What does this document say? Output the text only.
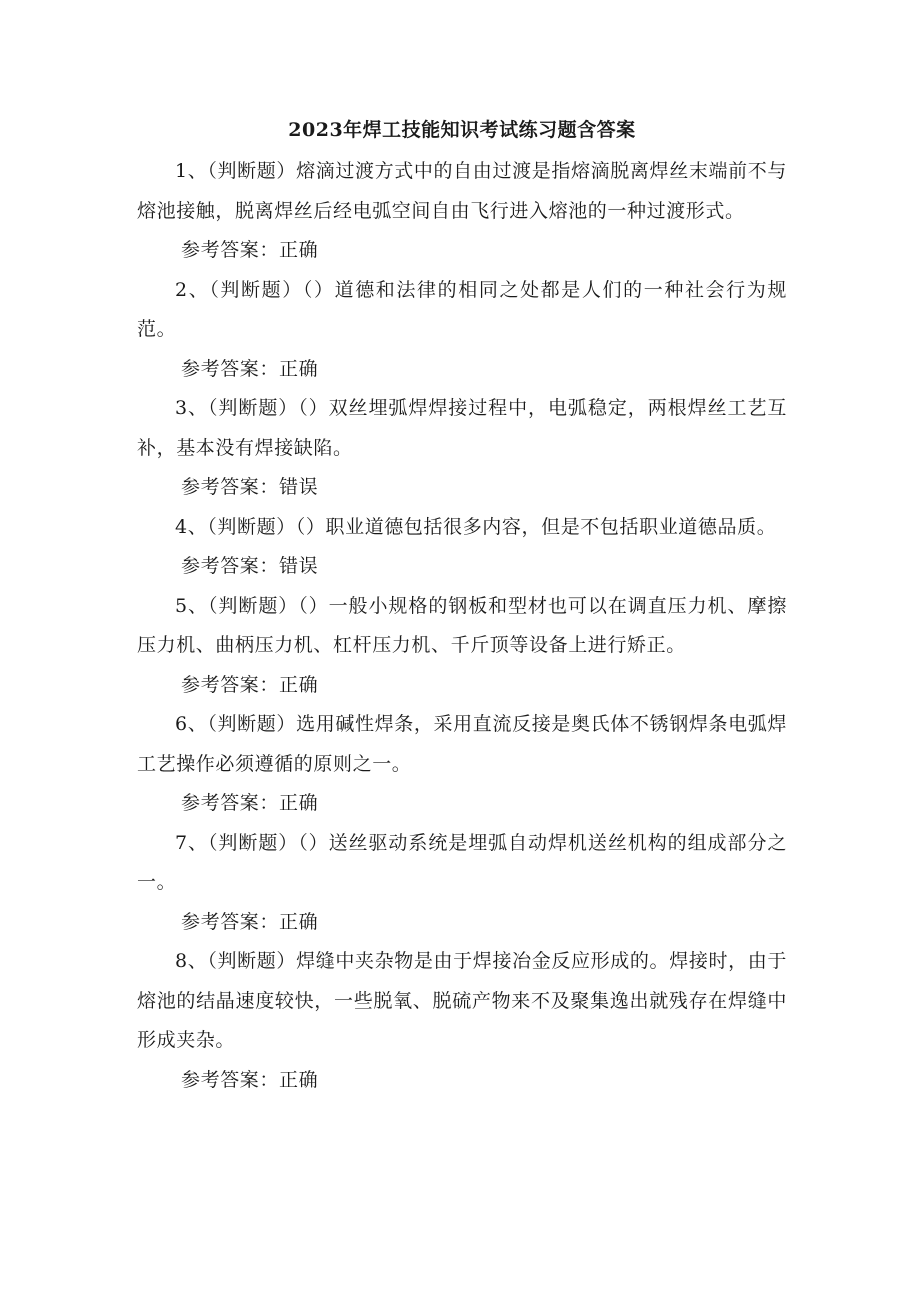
2023年焊工技能知识考试练习题含答案

1、（判断题）熔滴过渡方式中的自由过渡是指熔滴脱离焊丝末端前不与熔池接触，脱离焊丝后经电弧空间自由飞行进入熔池的一种过渡形式。

参考答案：正确

2、（判断题）（）道德和法律的相同之处都是人们的一种社会行为规范。

参考答案：正确

3、（判断题）（）双丝埋弧焊焊接过程中，电弧稳定，两根焊丝工艺互补，基本没有焊接缺陷。

参考答案：错误

4、（判断题）（）职业道德包括很多内容，但是不包括职业道德品质。

参考答案：错误

5、（判断题）（）一般小规格的钢板和型材也可以在调直压力机、摩擦压力机、曲柄压力机、杠杆压力机、千斤顶等设备上进行矫正。

参考答案：正确

6、（判断题）选用碱性焊条，采用直流反接是奥氏体不锈钢焊条电弧焊工艺操作必须遵循的原则之一。

参考答案：正确

7、（判断题）（）送丝驱动系统是埋弧自动焊机送丝机构的组成部分之一。

参考答案：正确

8、（判断题）焊缝中夹杂物是由于焊接冶金反应形成的。焊接时，由于熔池的结晶速度较快，一些脱氧、脱硫产物来不及聚集逸出就残存在焊缝中形成夹杂。

参考答案：正确
